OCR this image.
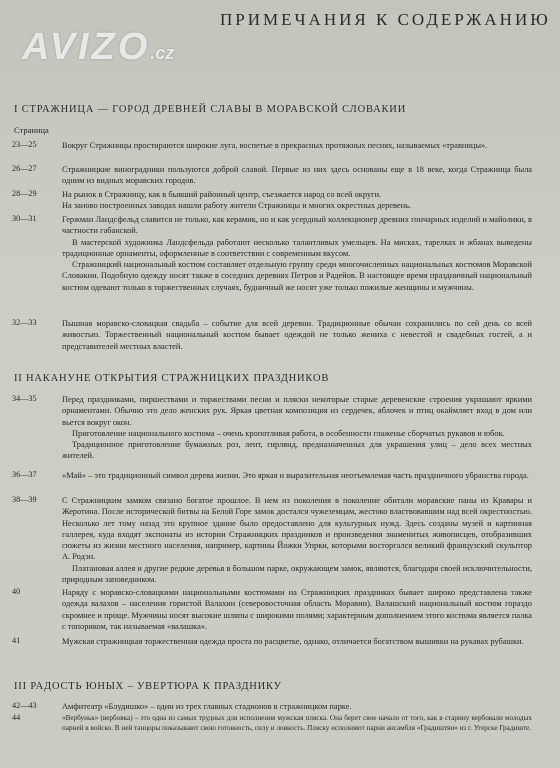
AVIZO.cz
ПРИМЕЧАНИЯ К СОДЕРЖАНИЮ
I СТРАЖНИЦА — ГОРОД ДРЕВНЕЙ СЛАВЫ В МОРАВСКОЙ СЛОВАКИИ
Страница
23—25	Вокруг Стражницы простираются широкие луга, воспетые в прекрасных протяжных песнях, называемых «травницы».

26—27	Стражницкие виноградники пользуются доброй славой. Первые из них здесь основаны еще в 18 веке, когда Стражница была одним из видных моравских городов.

28—29	На рынок в Стражницу, как в бывший районный центр, съезжается народ со всей округи.

На заново построенных заводах нашли работу жители Стражницы и многих окрестных деревень.

30—31	Гержман Ландсфельд славится не только, как керамик, но и как усердный коллекционер древних гончарных изделий и майолики, в частности габанской.

В мастерской художника Ландсфельда работают несколько талантливых умельцев. На мисках, тарелках и жбанах выведены традиционные орнаменты, оформленные в соответствии с современным вкусом.

Стражницкий национальный костюм составляет отдельную группу среди многочисленных национальных костюмов Моравской Словакии. Подобную одежду носят также в соседних деревнях Петров и Радейов. В настоящее время праздничный национальный костюм одевают только в торжественных случаях, будничный же носят уже только пожилые женщины и мужчины.

32—33	Пышная моравско-словацкая свадьба – событие для всей деревни. Традиционные обычаи сохранились по сей день со всей живостью. Торжественный национальный костюм бывает одеждой не только жениха с невестой и свадебных гостей, а и представителей местных властей.

II НАКАНУНЕ ОТКРЫТИЯ СТРАЖНИЦКИХ ПРАЗДНИКОВ
34—35	Перед праздниками, пиршествами и торжествами песни и пляски некоторые старые деревенские строения украшают яркими орнаментами. Обычно это дело женских рук. Яркая цветная композиция из сердечек, яблочек и птиц окаймляет вход в дом или вьется вокруг окон.

Приготовление национального костюма – очень кропотливая работа, в особенности глаженье сборчатых рукавов и юбок.

Традиционное приготовление бумажных роз, лент, гирлянд, предназначенных для украшения улиц – дело всех местных жителей.

36—37	«Май» – это традиционный символ дерева жизни. Это яркая и выразительная неотъемлемая часть праздничного убранства города.

38—39	С Стражницким замком связано богатое прошлое. В нем из поколения в поколение обитали моравские паны из Кравары и Жеротина. После исторической битвы на Белой Горе замок достался чужеземцам, жестоко властвовавшим над всей окрестностью. Несколько лет тому назад это крупное здание было предоставлено для культурных нужд. Здесь созданы музей и картинная галлерея, куда входят экспонаты из истории Стражницких праздников и произведения знаменитых живописцев, отобразивших сюжеты из жизни местного населения, например, картины Йожки Упрки, которыми восторгался великий французский скульптор А. Родэн.

Платановая аллея и другие редкие деревья в большом парке, окружающем замок, являются, благодаря своей исключительности, природным заповедником.

40	Наряду с моравско-словацкими национальными костюмами на Стражницких праздниках бывает широко представлена также одежда валахов – населения гористой Валахии (северовосточная область Моравии). Валашский национальный костюм гораздо скромнее и проще. Мужчины носят высокие шляпы с широкими полями; характерным дополнением этого костюма является палка с топориком, так называемая «валашка».

41	Мужская стражницкая торжественная одежда проста по расцветке, однако, отличается богатством вышивки на рукавах рубашки.

III РАДОСТЬ ЮНЫХ – УВЕРТЮРА К ПРАЗДНИКУ
42—43	Амфитеатр «Блудишко» – один из трех главных стадионов в стражницком парке.

44	«Вербуньк» (вербовка) – это одна из самых трудных для исполнения мужская пляска. Она берет свое начало от того, как в старину вербовали молодых парней в войско. В ней танцоры показывают свою готовность, силу и ловкость. Пляску исполняют парни ансамбля «Градиштян» из г. Угерске Градиште.
